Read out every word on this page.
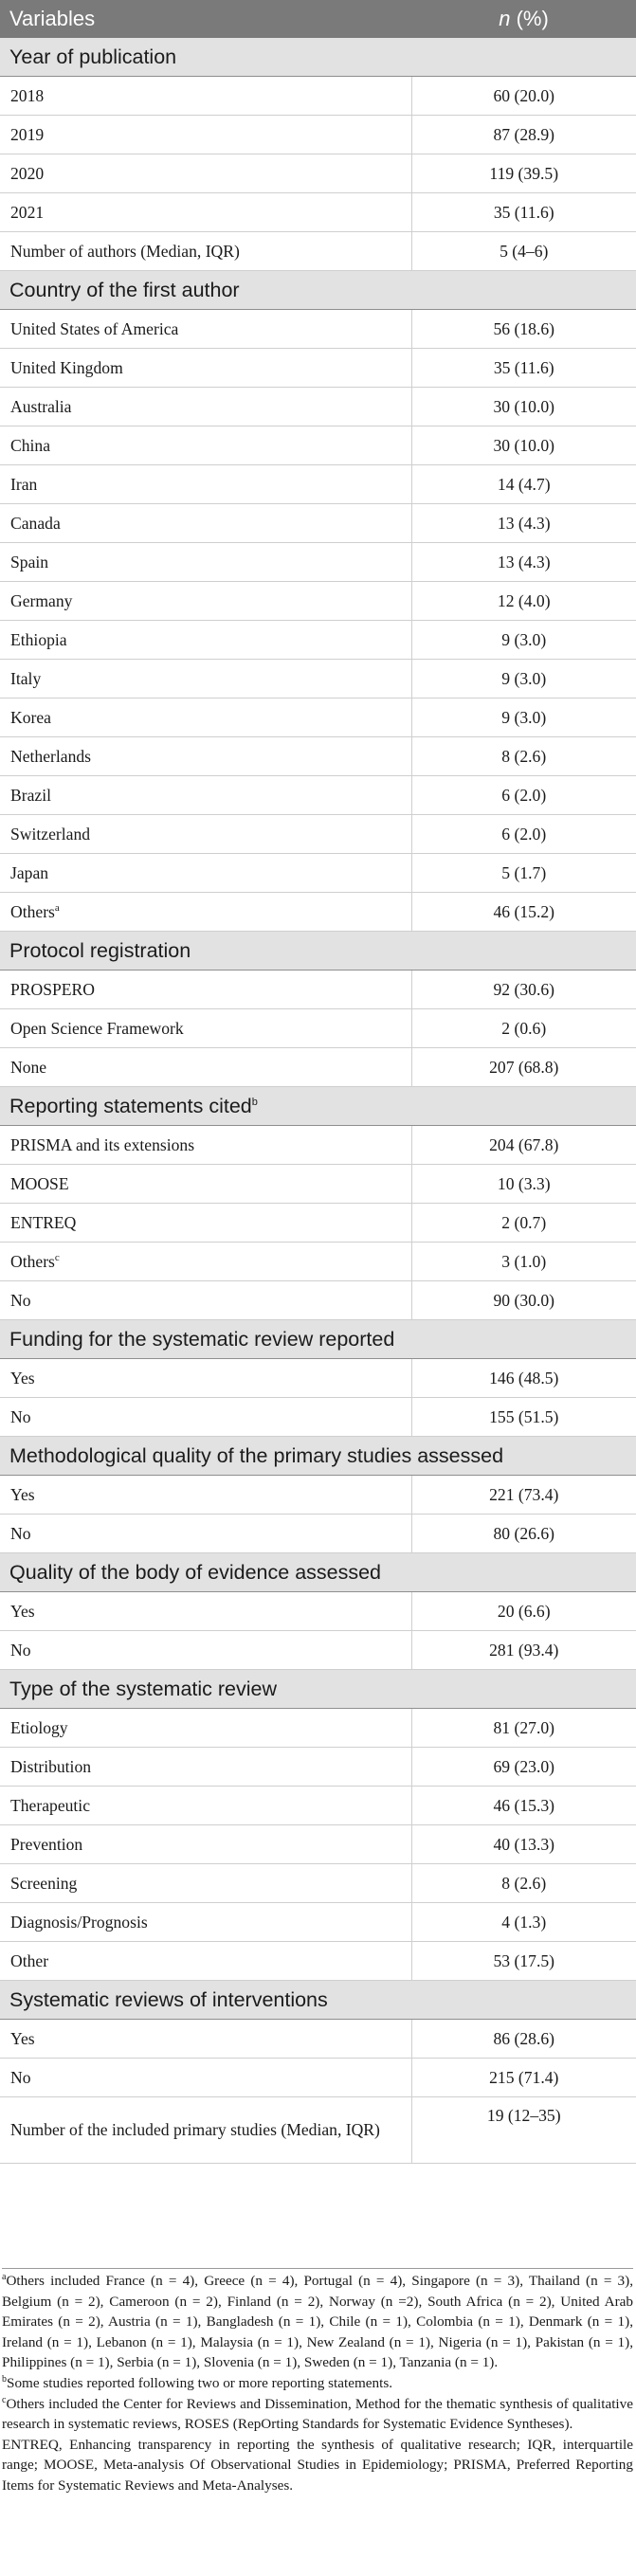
Variables	n (%)
Year of publication	
2018	60 (20.0)
2019	87 (28.9)
2020	119 (39.5)
2021	35 (11.6)
Number of authors (Median, IQR)	5 (4–6)
Country of the first author	
United States of America	56 (18.6)
United Kingdom	35 (11.6)
Australia	30 (10.0)
China	30 (10.0)
Iran	14 (4.7)
Canada	13 (4.3)
Spain	13 (4.3)
Germany	12 (4.0)
Ethiopia	9 (3.0)
Italy	9 (3.0)
Korea	9 (3.0)
Netherlands	8 (2.6)
Brazil	6 (2.0)
Switzerland	6 (2.0)
Japan	5 (1.7)
Others$^a$	46 (15.2)
Protocol registration	
PROSPERO	92 (30.6)
Open Science Framework	2 (0.6)
None	207 (68.8)
Reporting statements cited$^b$
PRISMA and its extensions	204 (67.8)
MOOSE	10 (3.3)
ENTREQ	2 (0.7)
Others$^c$	3 (1.0)
No	90 (30.0)
Funding for the systematic review reported	
Yes	146 (48.5)
No	155 (51.5)
Methodological quality of the primary studies assessed	
Yes	221 (73.4)
No	80 (26.6)
Quality of the body of evidence assessed	
Yes	20 (6.6)
No	281 (93.4)
Type of the systematic review	
Etiology	81 (27.0)
Distribution	69 (23.0)
Therapeutic	46 (15.3)
Prevention	40 (13.3)
Screening	8 (2.6)
Diagnosis/Prognosis	4 (1.3)
Other	53 (17.5)
Systematic reviews of interventions	
Yes	86 (28.6)
No	215 (71.4)
Number of the included primary studies (Median, IQR)	19 (12–35)

$^a$Others included France (n = 4), Greece (n = 4), Portugal (n = 4), Singapore (n = 3), Thailand (n = 3), Belgium (n = 2), Cameroon (n = 2), Finland (n = 2), Norway (n =2), South Africa (n = 2), United Arab Emirates (n = 2), Austria (n = 1), Bangladesh (n = 1), Chile (n = 1), Colombia (n = 1), Denmark (n = 1), Ireland (n = 1), Lebanon (n = 1), Malaysia (n = 1), New Zealand (n = 1), Nigeria (n = 1), Pakistan (n = 1), Philippines (n = 1), Serbia (n = 1), Slovenia (n = 1), Sweden (n = 1), Tanzania (n = 1).

$^b$Some studies reported following two or more reporting statements.

$^c$Others included the Center for Reviews and Dissemination, Method for the thematic synthesis of qualitative research in systematic reviews, ROSES (RepOrting Standards for Systematic Evidence Syntheses).

ENTREQ, Enhancing transparency in reporting the synthesis of qualitative research; IQR, interquartile range; MOOSE, Meta-analysis Of Observational Studies in Epidemiology; PRISMA, Preferred Reporting Items for Systematic Reviews and Meta-Analyses.
